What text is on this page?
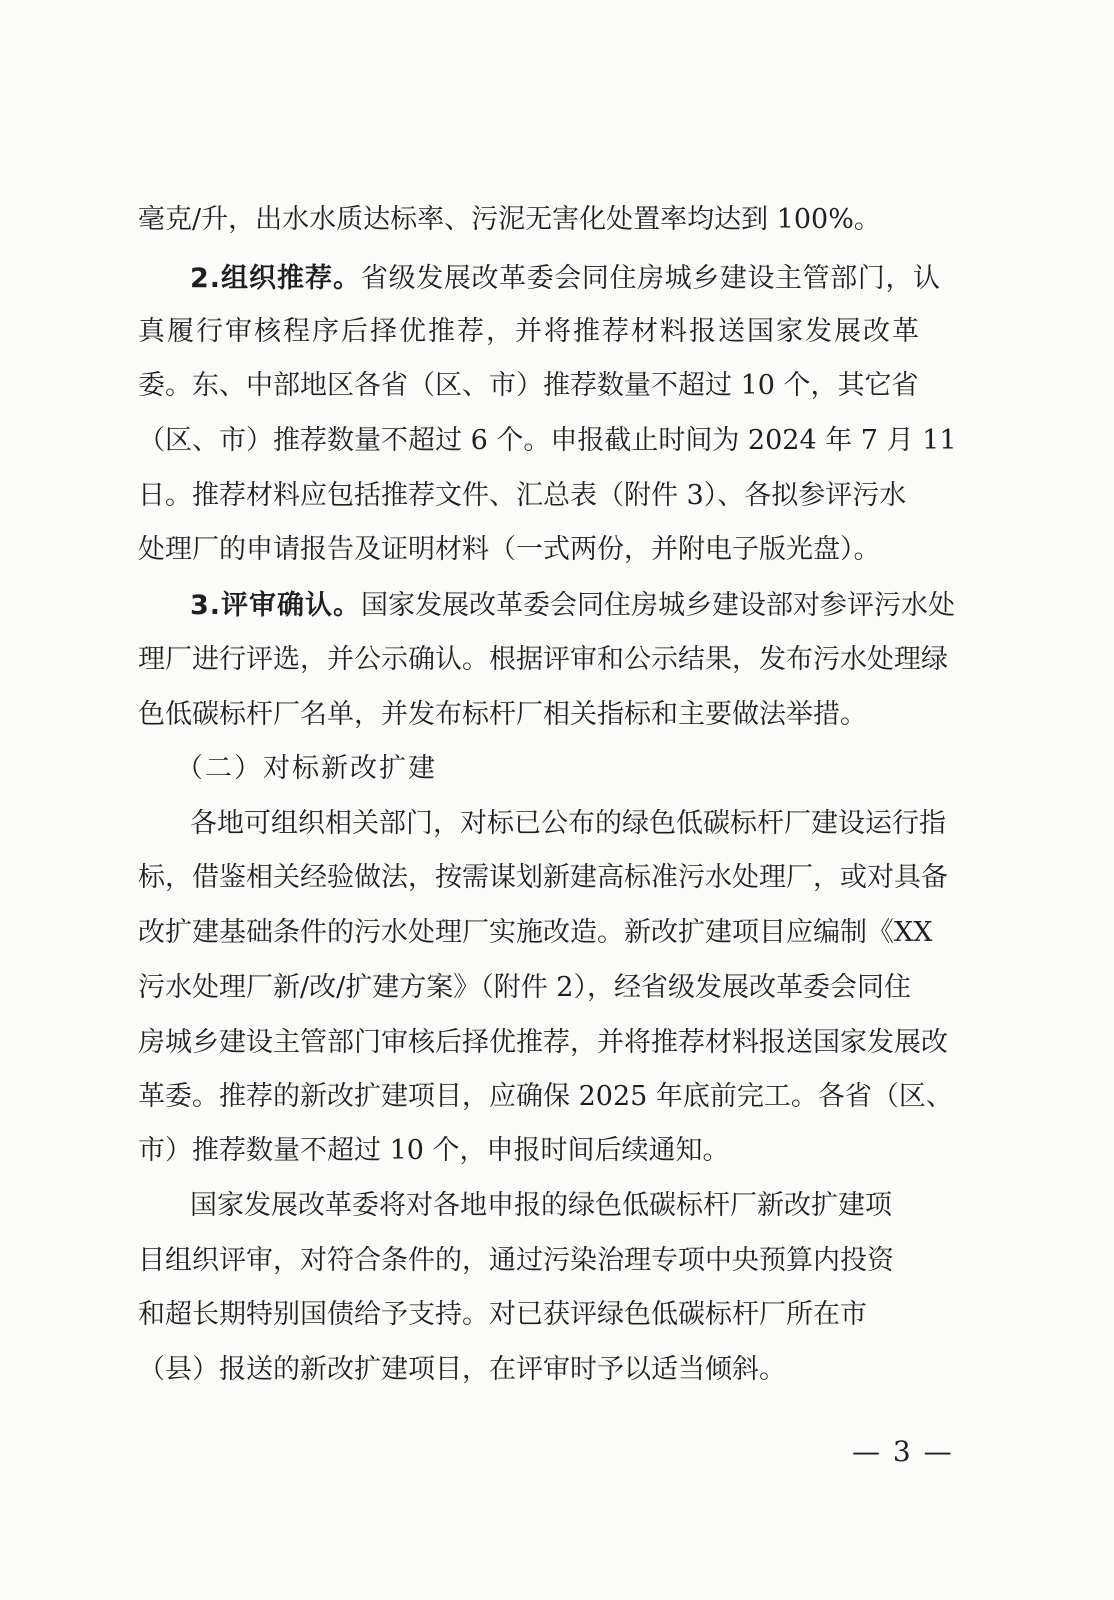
毫克/升，出水水质达标率、污泥无害化处置率均达到 100%。
2.组织推荐。省级发展改革委会同住房城乡建设主管部门，认
真履行审核程序后择优推荐，并将推荐材料报送国家发展改革
委。东、中部地区各省（区、市）推荐数量不超过 10 个，其它省
（区、市）推荐数量不超过 6 个。申报截止时间为 2024 年 7 月 11
日。推荐材料应包括推荐文件、汇总表（附件 3）、各拟参评污水
处理厂的申请报告及证明材料（一式两份，并附电子版光盘）。
3.评审确认。国家发展改革委会同住房城乡建设部对参评污水处
理厂进行评选，并公示确认。根据评审和公示结果，发布污水处理绿
色低碳标杆厂名单，并发布标杆厂相关指标和主要做法举措。
（二）对标新改扩建
各地可组织相关部门，对标已公布的绿色低碳标杆厂建设运行指
标，借鉴相关经验做法，按需谋划新建高标准污水处理厂，或对具备
改扩建基础条件的污水处理厂实施改造。新改扩建项目应编制《XX
污水处理厂新/改/扩建方案》（附件 2），经省级发展改革委会同住
房城乡建设主管部门审核后择优推荐，并将推荐材料报送国家发展改
革委。推荐的新改扩建项目，应确保 2025 年底前完工。各省（区、
市）推荐数量不超过 10 个，申报时间后续通知。
国家发展改革委将对各地申报的绿色低碳标杆厂新改扩建项
目组织评审，对符合条件的，通过污染治理专项中央预算内投资
和超长期特别国债给予支持。对已获评绿色低碳标杆厂所在市
（县）报送的新改扩建项目，在评审时予以适当倾斜。
— 3 —
